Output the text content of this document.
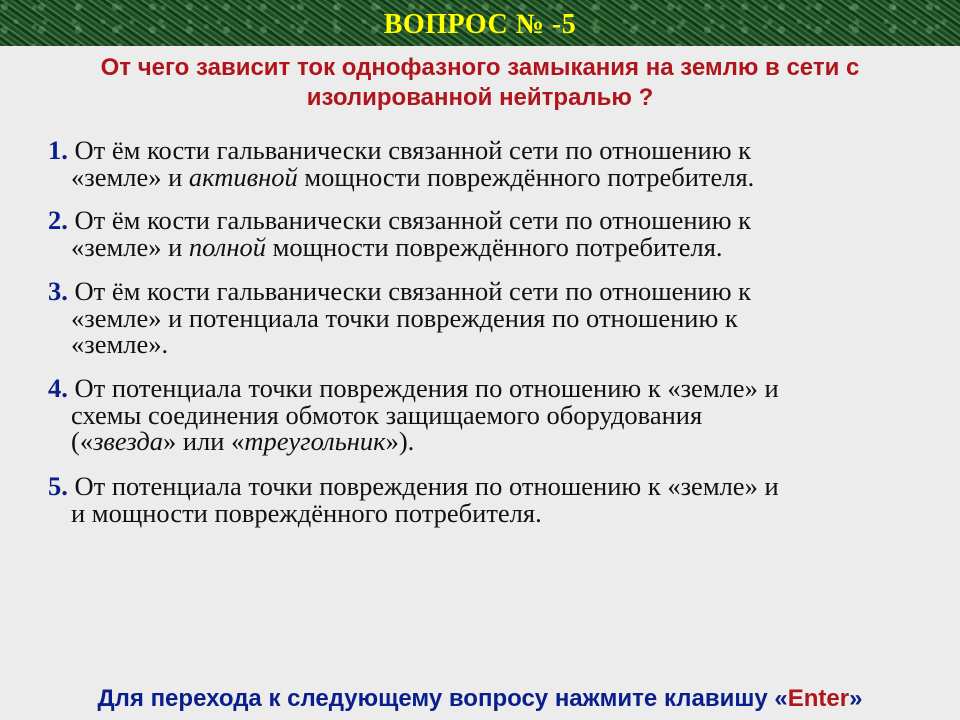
ВОПРОС № -5
От чего зависит ток однофазного замыкания на землю в сети с
изолированной нейтралью ?
1. От ём кости гальванически связанной сети по отношению к
«земле» и активной мощности повреждённого потребителя.
2. От ём кости гальванически связанной сети по отношению к
«земле» и полной мощности повреждённого потребителя.
3. От ём кости гальванически связанной сети по отношению к
«земле» и потенциала точки повреждения по отношению к
«земле».
4. От потенциала точки повреждения по отношению к «земле» и
схемы соединения обмоток защищаемого оборудования
(«звезда» или «треугольник»).
5. От потенциала точки повреждения по отношению к «земле» и
и мощности повреждённого потребителя.
Для перехода к следующему вопросу нажмите клавишу «Enter»
